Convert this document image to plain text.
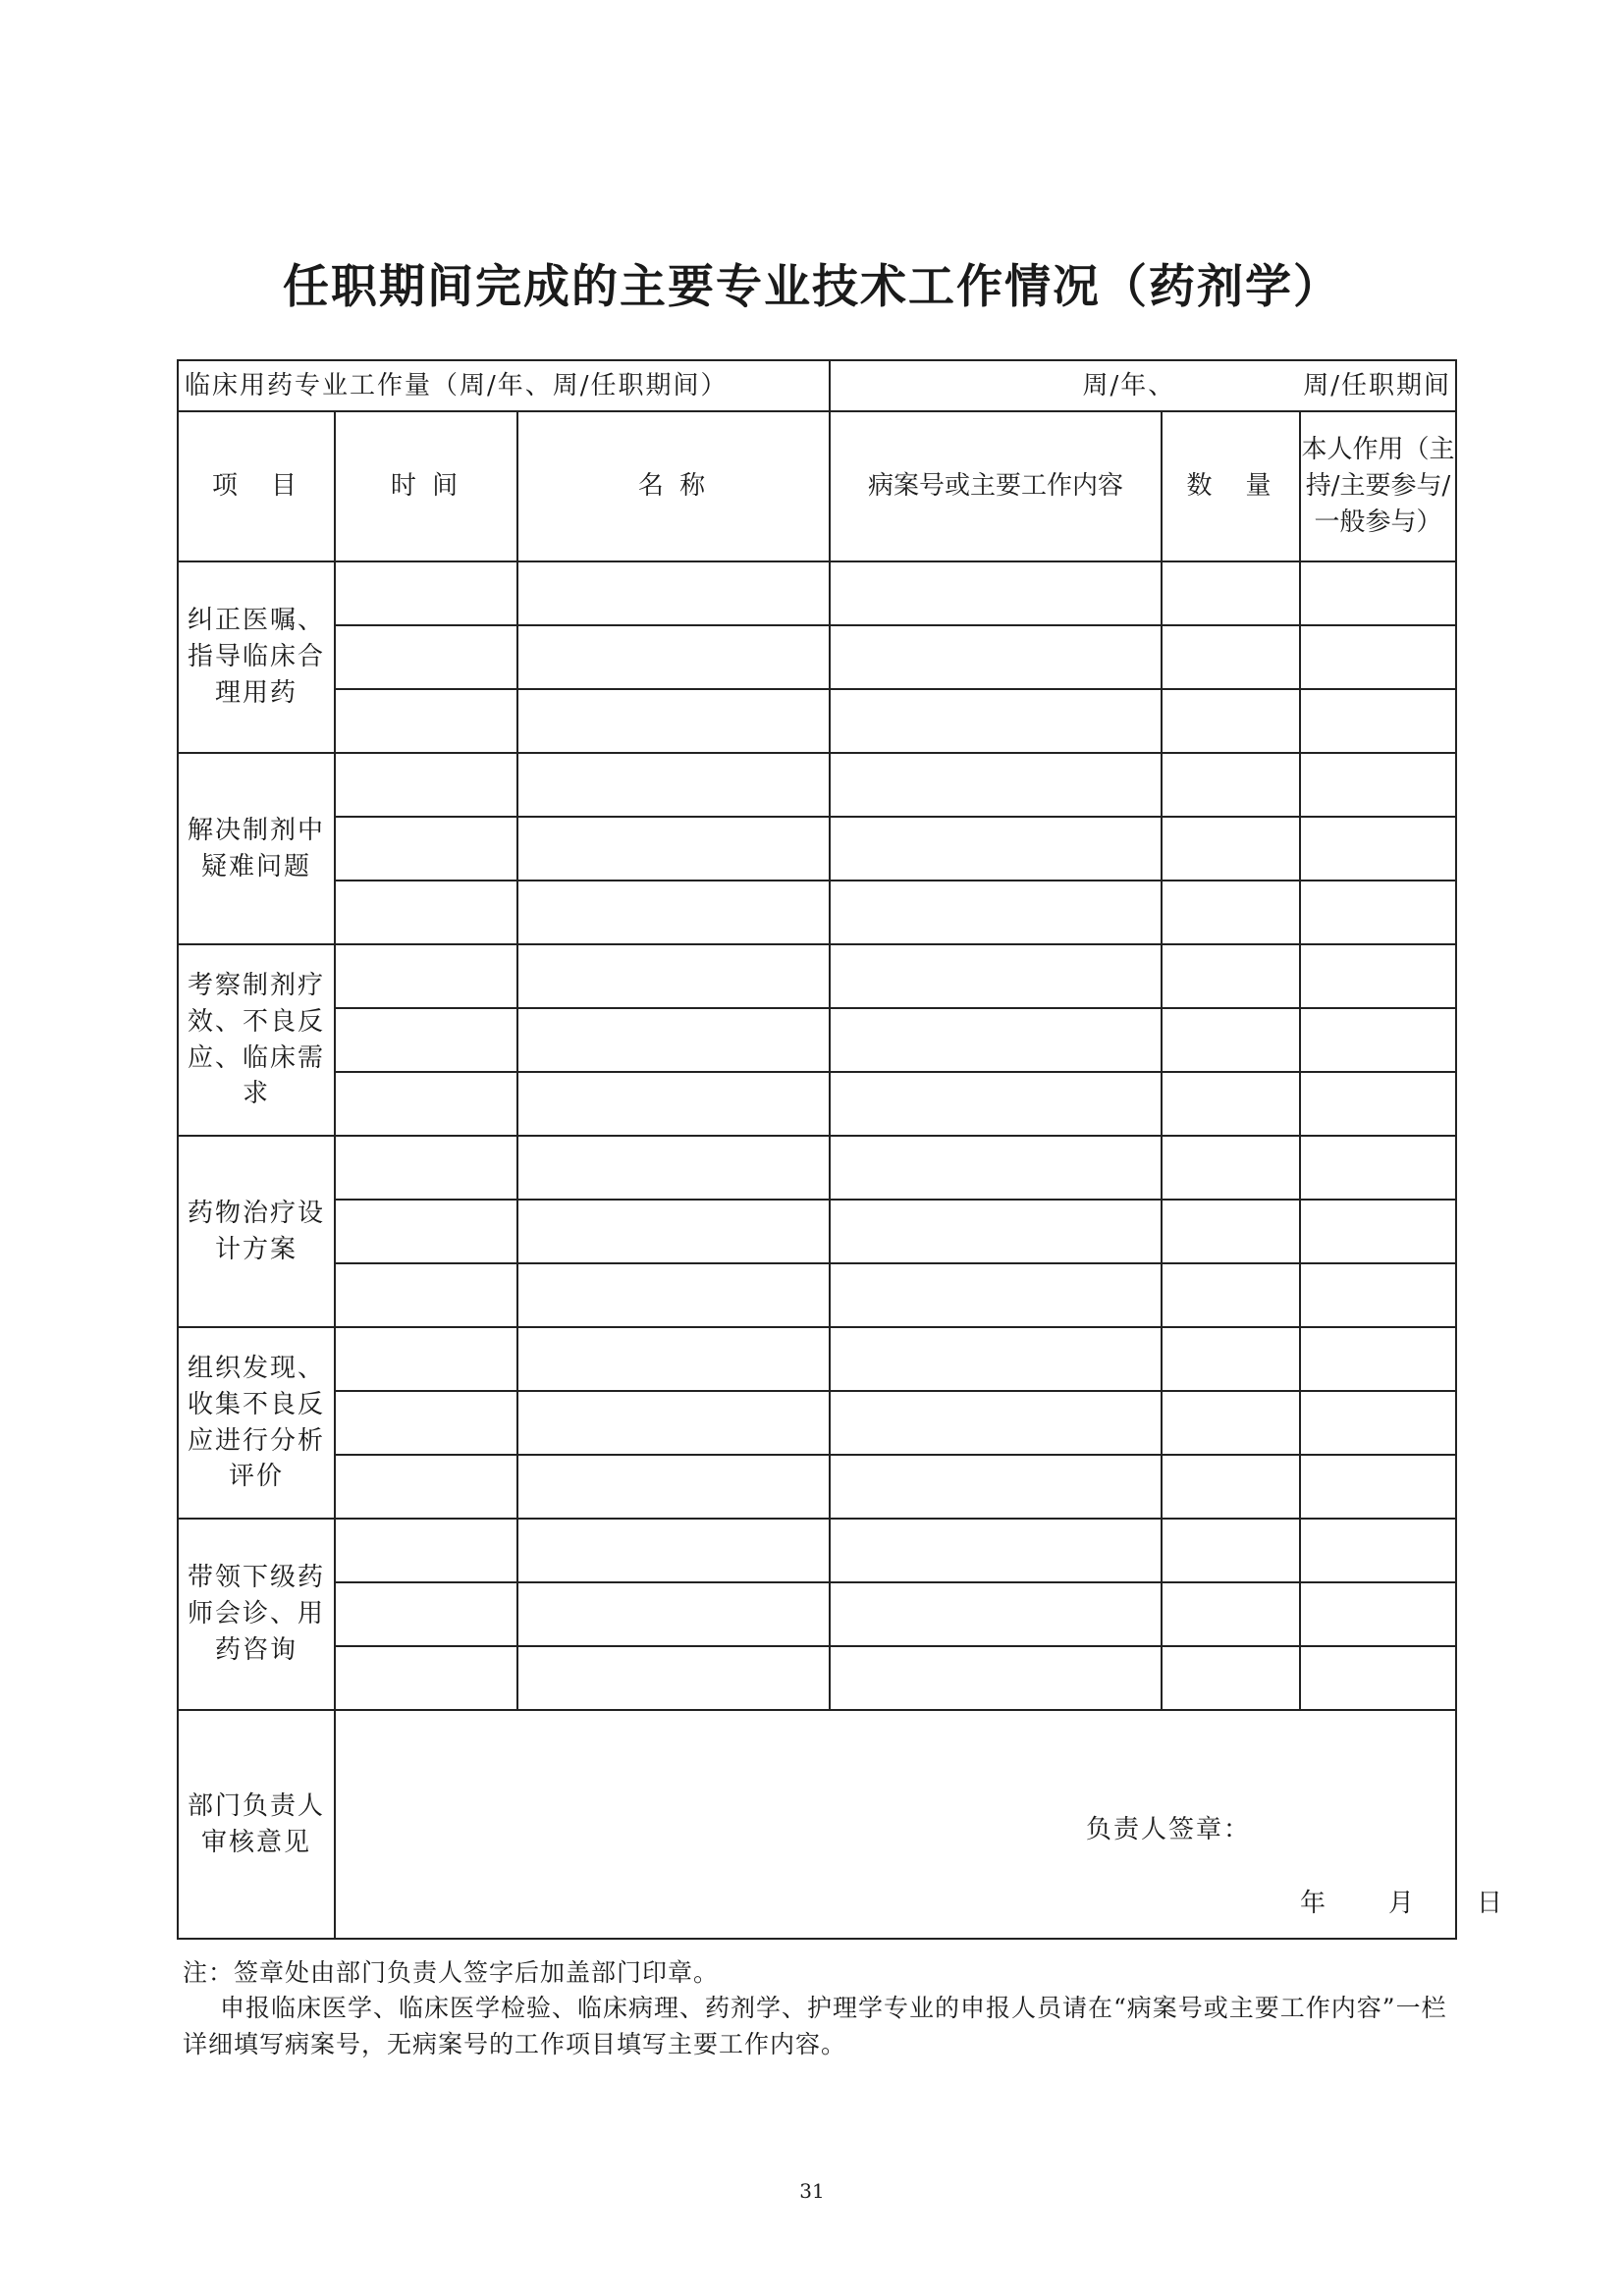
任职期间完成的主要专业技术工作情况（药剂学）
临床用药专业工作量（周/年、周/任职期间）			周/年、 周/任职期间		
项　目	时 间	名 称	病案号或主要工作内容	数　量	本人作用（主持/主要参与/一般参与）
纠正医嘱、指导临床合理用药					

解决制剂中疑难问题					

考察制剂疗效、不良反应、临床需求					

药物治疗设计方案					

组织发现、收集不良反应进行分析评价					

带领下级药师会诊、用药咨询					

部门负责人审核意见	负责人签章：
年 月 日				

注：签章处由部门负责人签字后加盖部门印章。

申报临床医学、临床医学检验、临床病理、药剂学、护理学专业的申报人员请在“病案号或主要工作内容”一栏详细填写病案号，无病案号的工作项目填写主要工作内容。

31
